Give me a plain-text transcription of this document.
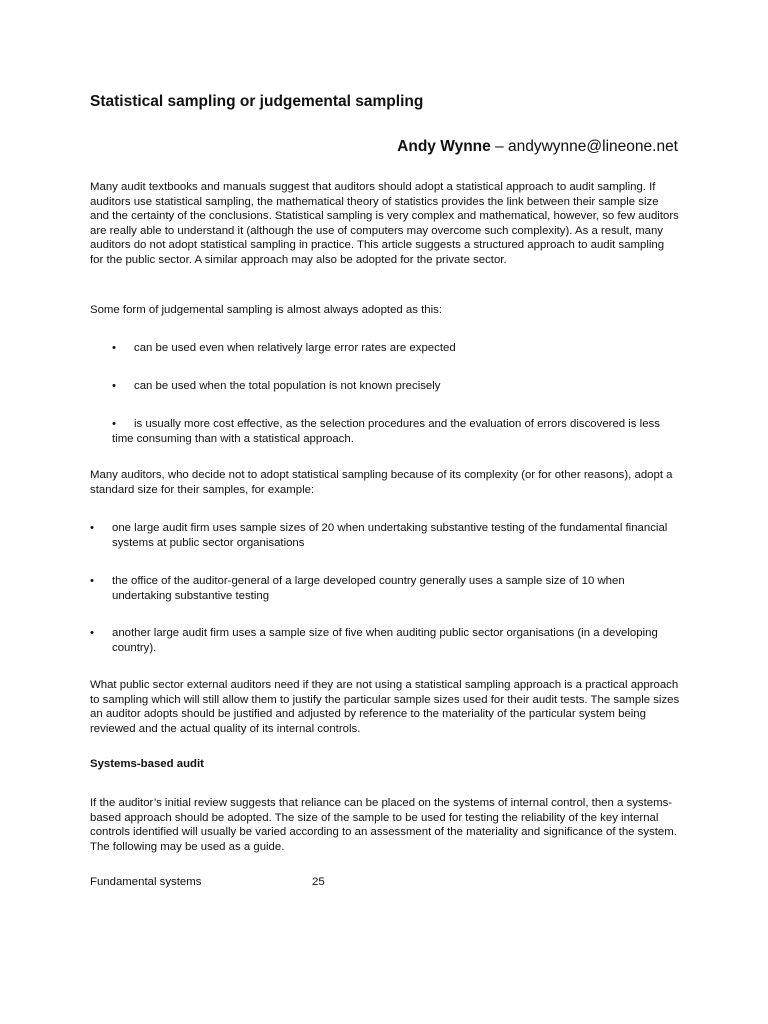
Statistical sampling or judgemental sampling
Andy Wynne – andywynne@lineone.net

Many audit textbooks and manuals suggest that auditors should adopt a statistical approach to audit sampling. If auditors use statistical sampling, the mathematical theory of statistics provides the link between their sample size and the certainty of the conclusions. Statistical sampling is very complex and mathematical, however, so few auditors are really able to understand it (although the use of computers may overcome such complexity). As a result, many auditors do not adopt statistical sampling in practice. This article suggests a structured approach to audit sampling for the public sector. A similar approach may also be adopted for the private sector.

Some form of judgemental sampling is almost always adopted as this:

• can be used even when relatively large error rates are expected

• can be used when the total population is not known precisely

•	is usually more cost effective, as the selection procedures and the evaluation of errors discovered is less time consuming than with a statistical approach.

Many auditors, who decide not to adopt statistical sampling because of its complexity (or for other reasons), adopt a standard size for their samples, for example:

• one large audit firm uses sample sizes of 20 when undertaking substantive testing of the fundamental financial systems at public sector organisations

• the office of the auditor-general of a large developed country generally uses a sample size of 10 when undertaking substantive testing

• another large audit firm uses a sample size of five when auditing public sector organisations (in a developing country).

What public sector external auditors need if they are not using a statistical sampling approach is a practical approach to sampling which will still allow them to justify the particular sample sizes used for their audit tests. The sample sizes an auditor adopts should be justified and adjusted by reference to the materiality of the particular system being reviewed and the actual quality of its internal controls.

Systems-based audit

If the auditor’s initial review suggests that reliance can be placed on the systems of internal control, then a systems-based approach should be adopted. The size of the sample to be used for testing the reliability of the key internal controls identified will usually be varied according to an assessment of the materiality and significance of the system. The following may be used as a guide.

Fundamental systems	25
